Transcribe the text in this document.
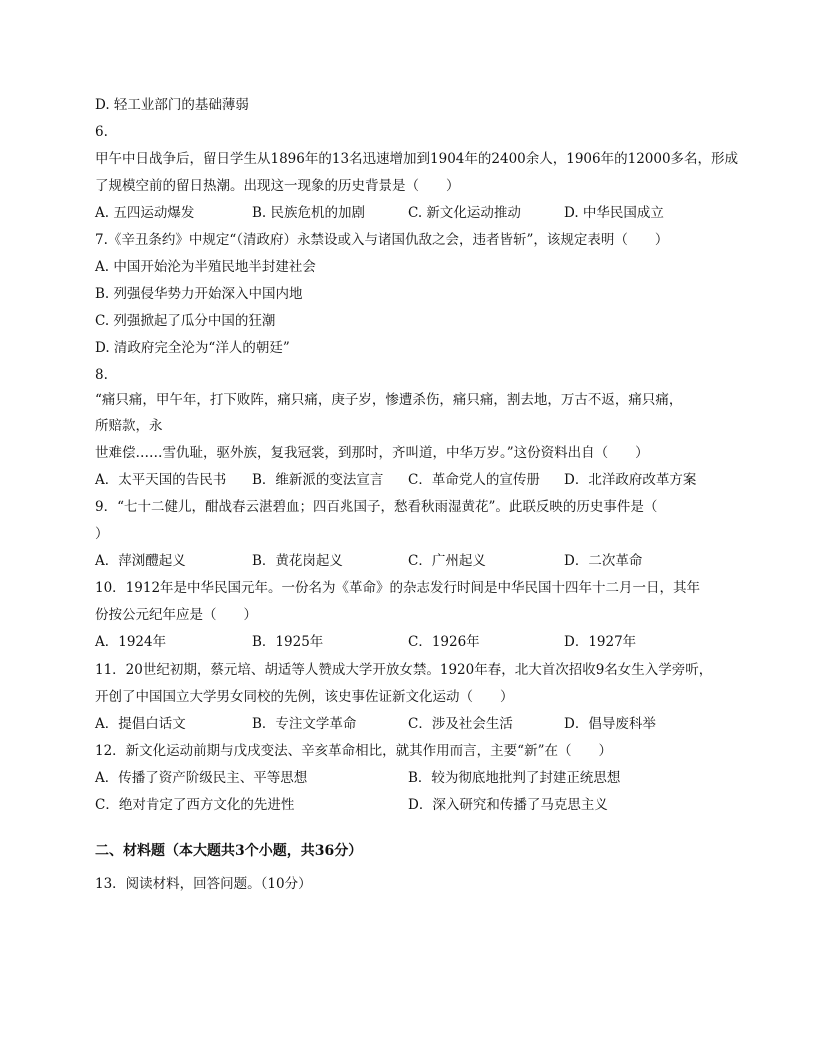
D. 轻工业部门的基础薄弱
6.
甲午中日战争后，留日学生从1896年的13名迅速增加到1904年的2400余人，1906年的12000多名，形成
了规模空前的留日热潮。出现这一现象的历史背景是（　　）
A. 五四运动爆发	B. 民族危机的加剧	C. 新文化运动推动	D. 中华民国成立
7.《辛丑条约》中规定“（清政府）永禁设或入与诸国仇敌之会，违者皆斩”，该规定表明（　　）
A. 中国开始沦为半殖民地半封建社会
B. 列强侵华势力开始深入中国内地
C. 列强掀起了瓜分中国的狂潮
D. 清政府完全沦为“洋人的朝廷”
8.
“痛只痛，甲午年，打下败阵，痛只痛，庚子岁，惨遭杀伤，痛只痛，割去地，万古不返，痛只痛，
所赔款，永
世难偿……雪仇耻，驱外族，复我冠裳，到那时，齐叫道，中华万岁。”这份资料出自（　　）
A．太平天国的告民书 B．维新派的变法宣言 C．革命党人的宣传册 D．北洋政府改革方案
9．“七十二健儿，酣战春云湛碧血；四百兆国子，愁看秋雨湿黄花”。此联反映的历史事件是（
）
A．萍浏醴起义	B．黄花岗起义	C．广州起义	D．二次革命
10．1912年是中华民国元年。一份名为《革命》的杂志发行时间是中华民国十四年十二月一日，其年
份按公元纪年应是（　　）
A．1924年	B．1925年	C．1926年	D．1927年
11．20世纪初期，蔡元培、胡适等人赞成大学开放女禁。1920年春，北大首次招收9名女生入学旁听，
开创了中国国立大学男女同校的先例，该史事佐证新文化运动（　　）
A．提倡白话文	B．专注文学革命	C．涉及社会生活	D．倡导废科举
12．新文化运动前期与戊戌变法、辛亥革命相比，就其作用而言，主要“新”在（　　）
A．传播了资产阶级民主、平等思想	B．较为彻底地批判了封建正统思想
C．绝对肯定了西方文化的先进性	D．深入研究和传播了马克思主义
二、材料题（本大题共3个小题，共36分）
13．阅读材料，回答问题。（10分）
